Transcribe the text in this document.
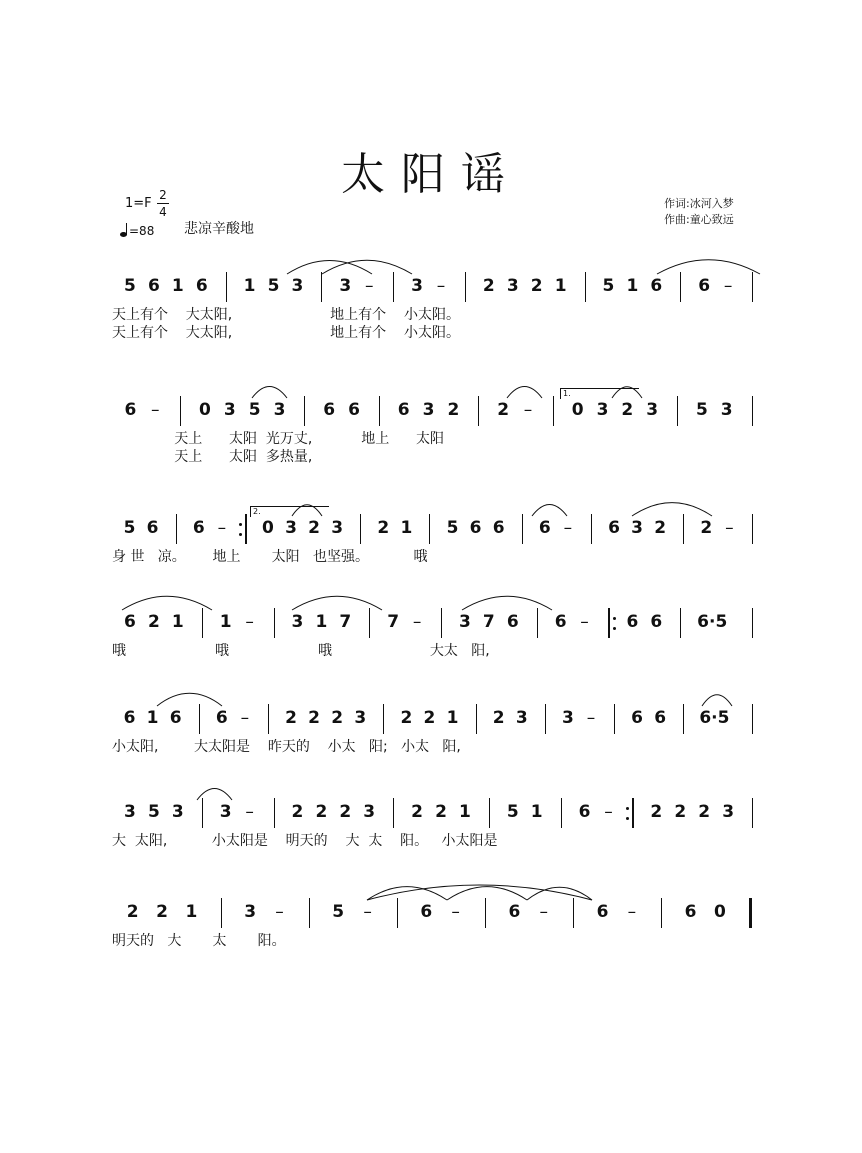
太阳谣
1=F
2
4
=88 悲凉辛酸地
作词:冰河入梦
作曲:童心致远
5 6 1 6 1 5 3 3 – 3 – 2 3 2 1 5 1 6 6 –
天上有个    大太阳,                      地上有个    小太阳。
天上有个    大太阳,                      地上有个    小太阳。
6 – 0 3 5 3 6 6 6 3 2 2 – 0 3 2 3 5 3
1.
天上      太阳  光万丈,           地上      太阳
天上      太阳  多热量,
5 6 6 – 0 3 2 3 2 1 5 6 6 6 – 6 3 2 2 –
2.
身 世   凉。      地上       太阳   也坚强。          哦
6 2 1 1 – 3 1 7 7 – 3 7 6 6 – 6 6 6·5
哦                    哦                    哦                      大太   阳,
6 1 6 6 – 2 2 2 3 2 2 1 2 3 3 – 6 6 6·5
小太阳,        大太阳是    昨天的    小太   阳;   小太   阳,
3 5 3 3 – 2 2 2 3 2 2 1 5 1 6 – 2 2 2 3
大  太阳,          小太阳是    明天的    大  太    阳。   小太阳是
2 2 1	3 –	5 –	6 –	6 –	6 –	6 0
明天的   大       太       阳。
